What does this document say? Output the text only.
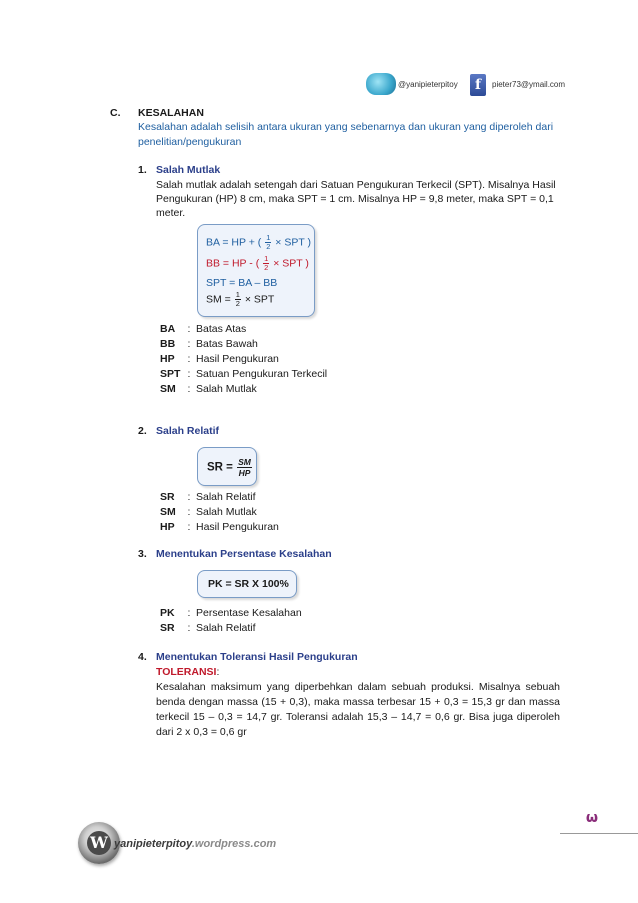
@yanipieterpitoy	f	pieter73@ymail.com
C. KESALAHAN
Kesalahan adalah selisih antara ukuran yang sebenarnya dan ukuran yang diperoleh dari
penelitian/pengukuran
1. Salah Mutlak
Salah mutlak adalah setengah dari Satuan Pengukuran Terkecil (SPT). Misalnya Hasil
Pengukuran (HP) 8 cm, maka SPT = 1 cm. Misalnya HP = 9,8 meter, maka SPT = 0,1
meter.
BA = HP + ( $\frac{1}{2}$ × SPT )
BB = HP - ( $\frac{1}{2}$ × SPT )
SPT = BA – BB
SM = $\frac{1}{2}$ × SPT
BA : Batas Atas
BB : Batas Bawah
HP : Hasil Pengukuran
SPT : Satuan Pengukuran Terkecil
SM : Salah Mutlak
2. Salah Relatif
SR = $\frac{SM}{HP}$
SR : Salah Relatif
SM : Salah Mutlak
HP : Hasil Pengukuran
3. Menentukan Persentase Kesalahan
PK = SR X 100%
PK : Persentase Kesalahan
SR : Salah Relatif
4. Menentukan Toleransi Hasil Pengukuran
TOLERANSI:
Kesalahan maksimum yang diperbehkan dalam sebuah produksi. Misalnya sebuah
benda dengan massa (15 + 0,3), maka massa terbesar 15 + 0,3 = 15,3 gr dan massa
terkecil 15 – 0,3 = 14,7 gr. Toleransi adalah 15,3 – 14,7 = 0,6 gr. Bisa juga diperoleh
dari 2 x 0,3 = 0,6 gr
ω
W yanipieterpitoy.wordpress.com
